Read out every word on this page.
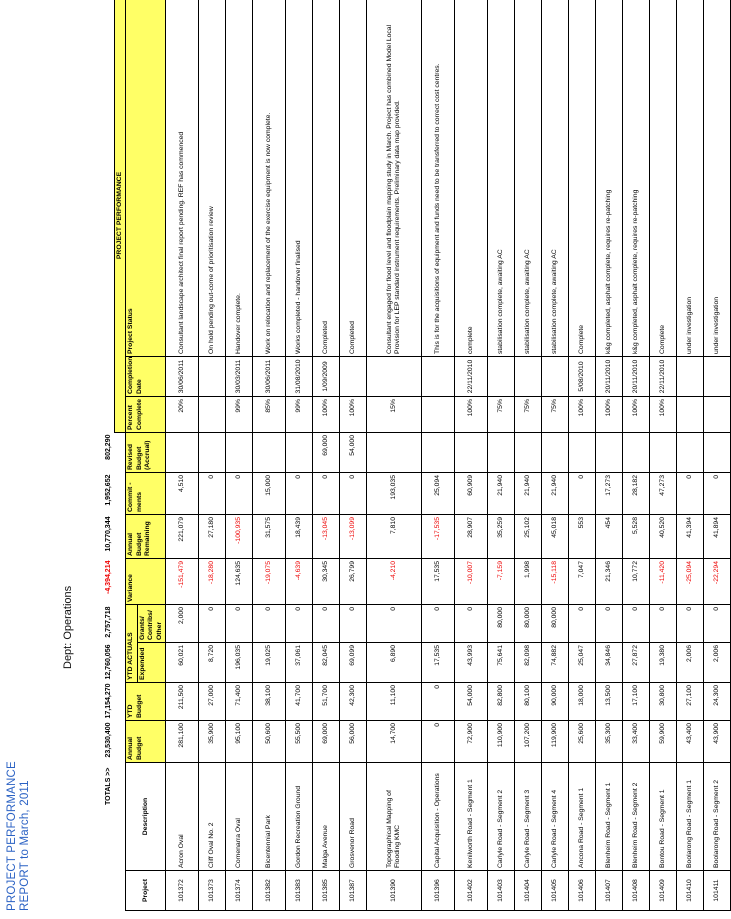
PROJECT PERFORMANCE REPORT to March, 2011
Dept: Operations
	TOTALS >>	23,530,400	17,154,270	12,760,056	2,757,718	-4,394,214	10,770,344	1,952,652	802,290			
										PROJECT PERFORMANCE		
Project	Description	Annual Budget	YTD Budget	YTD ACTUALS		Variance	Annual Budget Remaining	Commit -ments	Revised Budget (Accrual)	Percent Complete	Completion Date	Project Status
				Expended	Grants/ Contribs/ Other							
101372	Acron Oval	281,100	211,500	60,021	2,000	-151,479	221,079	4,510		20%	30/06/2011	Consultant landscape architect final report pending. REF has commenced
101373	Cliff Oval No. 2	35,900	27,000	8,720	0	-18,280	27,180	0				On hold pending out-come of prioritisation review
101374	Comenarra Oval	95,100	71,400	196,035	0	124,635	-100,935	0		99%	30/03/2011	Handover complete.
101382	Bicentennial Park	50,600	38,100	19,025	0	-19,075	31,575	15,000		85%	30/06/2011	Work on relocation and replacement of the exercise equipment is now complete.
101383	Gordon Recreation Ground	55,500	41,700	37,061	0	-4,639	18,439	0		99%	31/08/2010	Works completed - handover finalised
101385	Malga Avenue	69,000	51,700	82,045	0	30,345	-13,045	0	69,000	100%	1/09/2009	Completed
101387	Grosvenor Road	56,000	42,300	69,099	0	26,799	-13,099	0	54,000	100%		Completed
101390	Topographical Mapping of Flooding KMC	14,700	11,100	6,890	0	-4,210	7,810	193,035		15%		Consultant engaged for flood level and floodplain mapping study in March. Project has combined Model Local Provision for LEP standard instrument requirements. Preliminary data map provided.
101396	Capital Acquisition - Operations	0	0	17,535	0	17,535	-17,535	25,094				This is for the acquisitions of equipment and funds need to be transferred to correct cost centres.
101402	Kenilworth Road - Segment 1	72,900	54,000	43,993	0	-10,007	28,907	60,909		100%	22/11/2010	complete
101403	Carlyle Road - Segment 2	110,900	82,800	75,641	80,000	-7,159	35,259	21,940		75%		stabilisation complete, awaiting AC
101404	Carlyle Road - Segment 3	107,200	80,100	82,098	80,000	1,998	25,102	21,940		75%		stabilisation complete, awaiting AC
101405	Carlyle Road - Segment 4	119,900	90,000	74,882	80,000	-15,118	45,018	21,940		75%		stabilisation complete, awaiting AC
101406	Ancona Road - Segment 1	25,600	18,000	25,047	0	7,047	553	0		100%	5/08/2010	Complete
101407	Blenheim Road - Segment 1	35,300	13,500	34,846	0	21,346	454	17,273		100%	20/11/2010	k&g completed, asphalt complete, requires re-patching
101408	Blenheim Road - Segment 2	33,400	17,100	27,872	0	10,772	5,528	28,182		100%	20/11/2010	k&g completed, asphalt complete, requires re-patching
101409	Bontou Road - Segment 1	59,900	30,800	19,380	0	-11,420	40,520	47,273		100%	22/11/2010	Complete
101410	Boolarong Road - Segment 1	43,400	27,100	2,006	0	-25,094	41,394	0				under investigation
101411	Boolarong Road - Segment 2	43,900	24,300	2,006	0	-22,294	41,894	0				under investigation
